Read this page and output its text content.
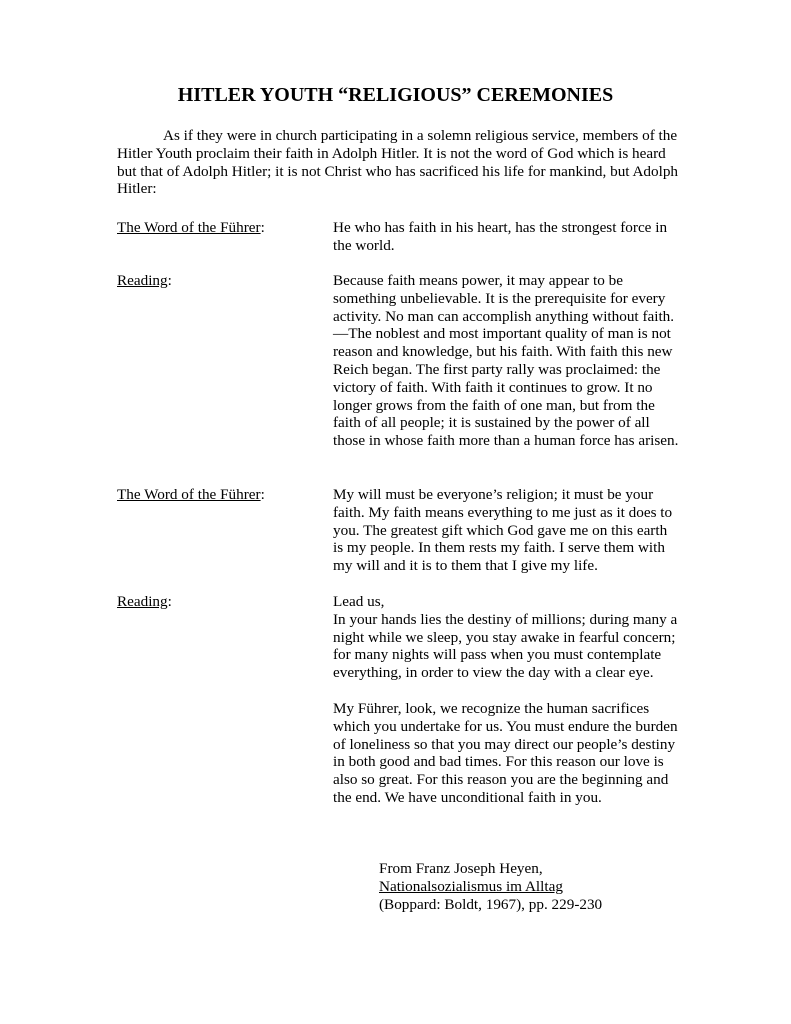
HITLER YOUTH “RELIGIOUS” CEREMONIES

As if they were in church participating in a solemn religious service, members of the Hitler Youth proclaim their faith in Adolph Hitler. It is not the word of God which is heard but that of Adolph Hitler; it is not Christ who has sacrificed his life for mankind, but Adolph Hitler:

The Word of the Führer:	He who has faith in his heart, has the strongest force in the world.

Reading:	Because faith means power, it may appear to be something unbelievable. It is the prerequisite for every activity. No man can accomplish anything without faith.—The noblest and most important quality of man is not reason and knowledge, but his faith. With faith this new Reich began. The first party rally was proclaimed: the victory of faith. With faith it continues to grow. It no longer grows from the faith of one man, but from the faith of all people; it is sustained by the power of all those in whose faith more than a human force has arisen.

The Word of the Führer:	My will must be everyone’s religion; it must be your faith. My faith means everything to me just as it does to you. The greatest gift which God gave me on this earth is my people. In them rests my faith. I serve them with my will and it is to them that I give my life.

Reading:	Lead us,

In your hands lies the destiny of millions; during many a night while we sleep, you stay awake in fearful concern; for many nights will pass when you must contemplate everything, in order to view the day with a clear eye.

My Führer, look, we recognize the human sacrifices which you undertake for us. You must endure the burden of loneliness so that you may direct our people’s destiny in both good and bad times. For this reason our love is also so great. For this reason you are the beginning and the end. We have unconditional faith in you.

From Franz Joseph Heyen,
Nationalsozialismus im Alltag
(Boppard: Boldt, 1967), pp. 229-230
